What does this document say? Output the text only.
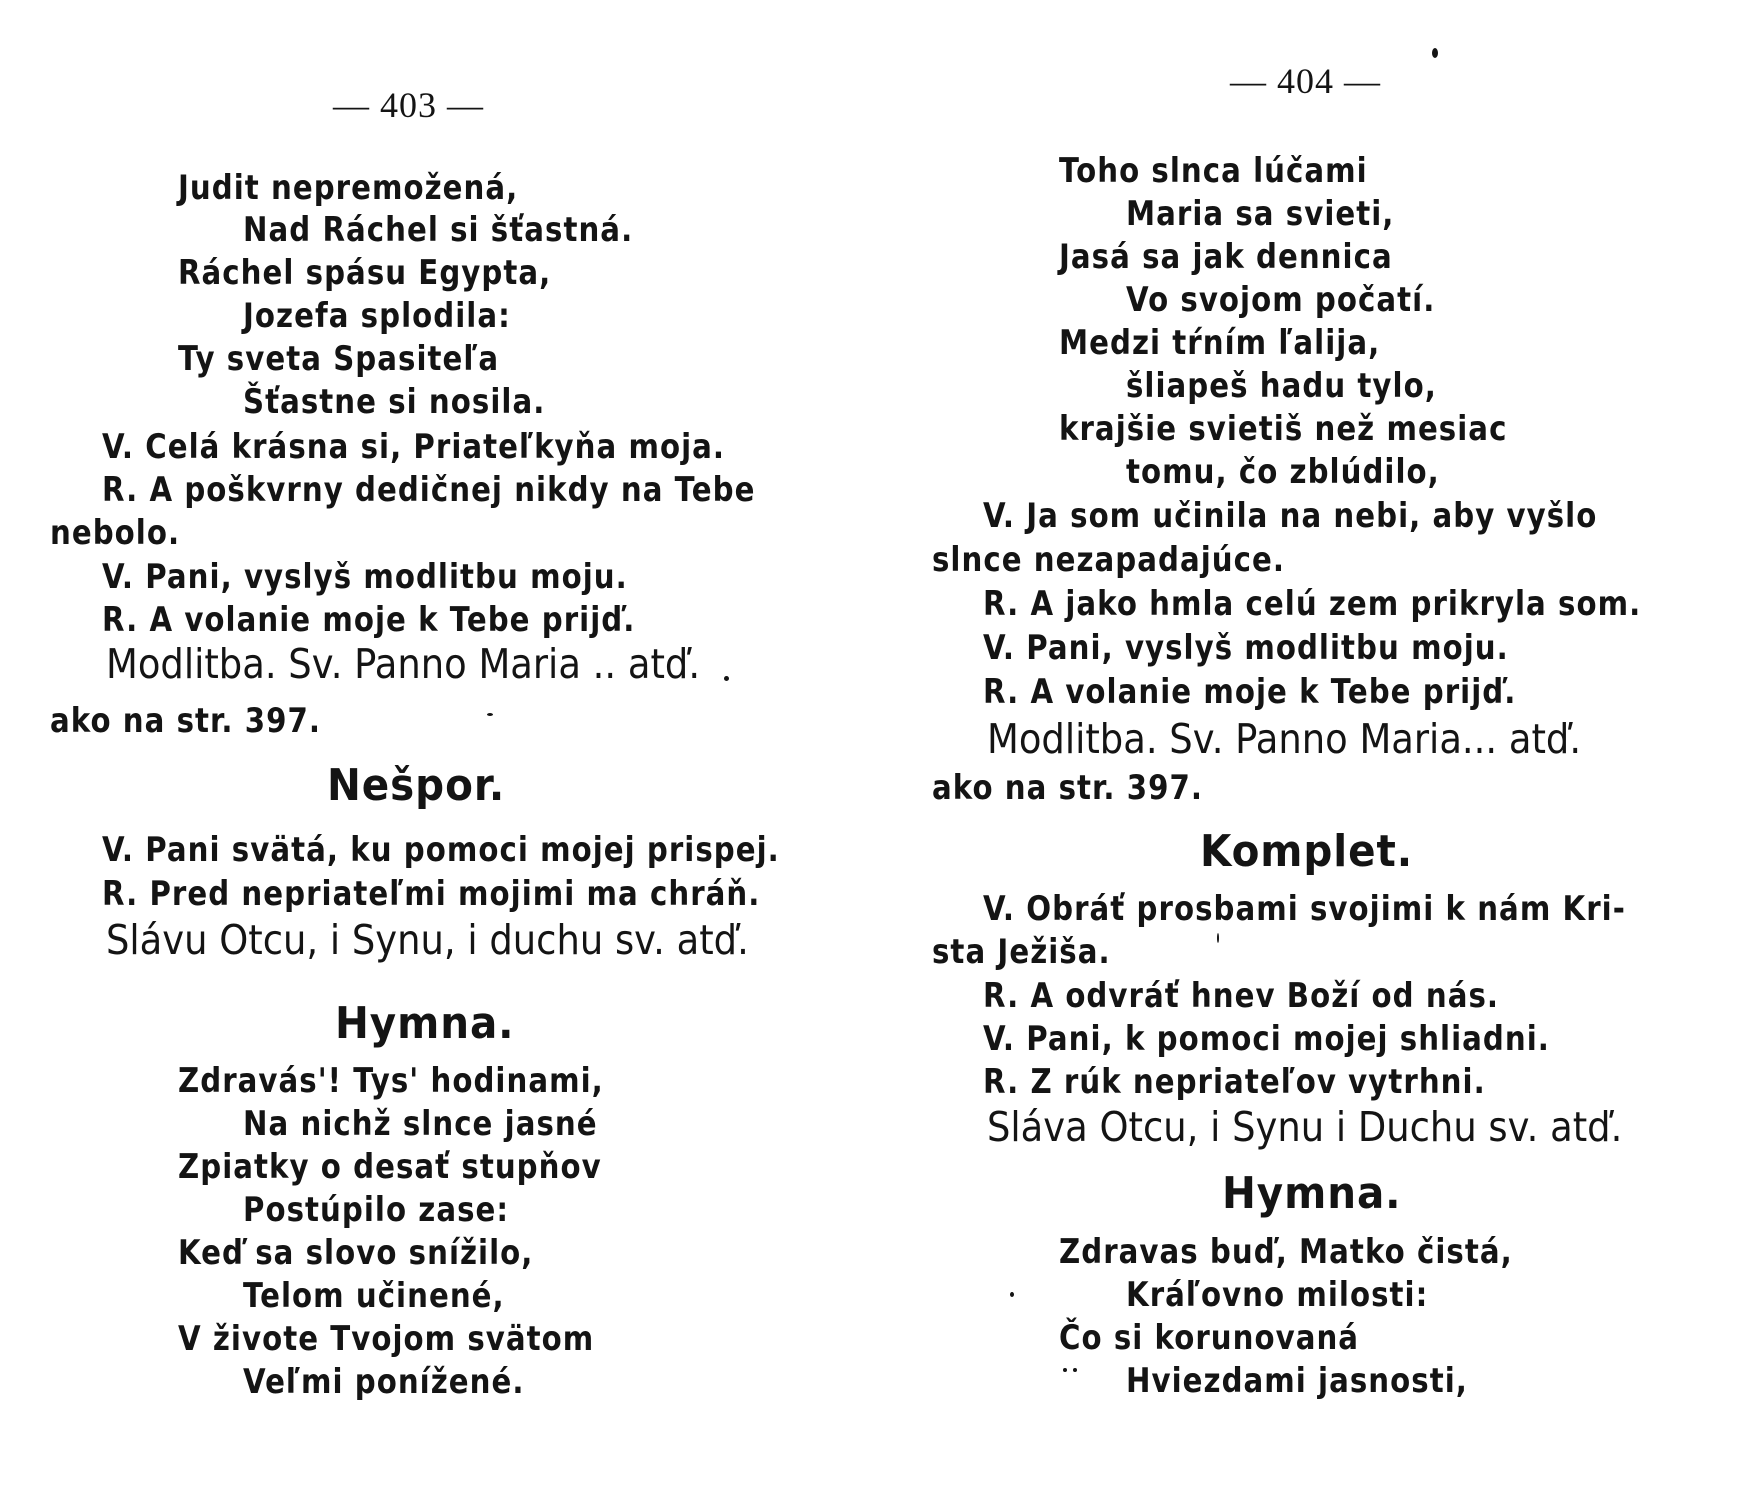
— 403 —
Judit nepremožená,
Nad Ráchel si šťastná.
Ráchel spásu Egypta,
Jozefa splodila:
Ty sveta Spasiteľa
Šťastne si nosila.
V. Celá krásna si, Priateľkyňa moja.
R. A poškvrny dedičnej nikdy na Tebe
nebolo.
V. Pani, vyslyš modlitbu moju.
R. A volanie moje k Tebe prijď.
Modlitba. Sv. Panno Maria .. atď.
ako na str. 397.
Nešpor.
V. Pani svätá, ku pomoci mojej prispej.
R. Pred nepriateľmi mojimi ma chráň.
Slávu Otcu, i Synu, i duchu sv. atď.
Hymna.
Zdravás'! Tys' hodinami,
Na nichž slnce jasné
Zpiatky o desať stupňov
Postúpilo zase:
Keď sa slovo snížilo,
Telom učinené,
V živote Tvojom svätom
Veľmi ponížené.
— 404 —
Toho slnca lúčami
Maria sa svieti,
Jasá sa jak dennica
Vo svojom počatí.
Medzi tŕním ľalija,
šliapeš hadu tylo,
krajšie svietiš než mesiac
tomu, čo zblúdilo,
V. Ja som učinila na nebi, aby vyšlo
slnce nezapadajúce.
R. A jako hmla celú zem prikryla som.
V. Pani, vyslyš modlitbu moju.
R. A volanie moje k Tebe prijď.
Modlitba. Sv. Panno Maria... atď.
ako na str. 397.
Komplet.
V. Obráť prosbami svojimi k nám Kri-
sta Ježiša.
R. A odvráť hnev Boží od nás.
V. Pani, k pomoci mojej shliadni.
R. Z rúk nepriateľov vytrhni.
Sláva Otcu, i Synu i Duchu sv. atď.
Hymna.
Zdravas buď, Matko čistá,
Kráľovno milosti:
Čo si korunovaná
Hviezdami jasnosti,
